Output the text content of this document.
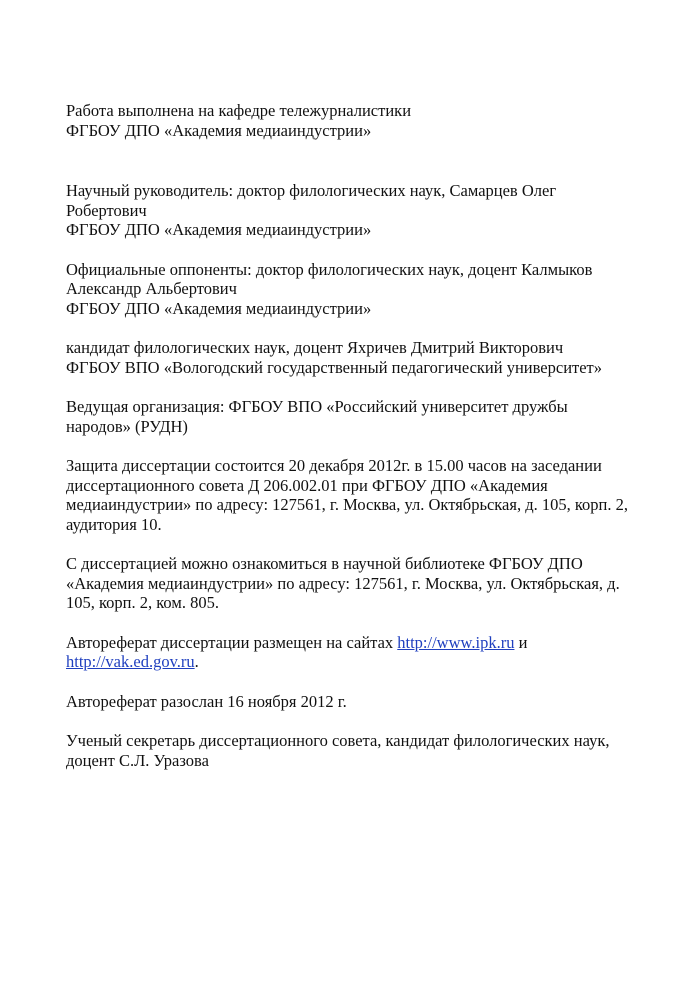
Работа выполнена на кафедре тележурналистики

ФГБОУ ДПО «Академия медиаиндустрии»

Научный руководитель: доктор филологических наук, Самарцев Олег

Робертович

ФГБОУ ДПО «Академия медиаиндустрии»

Официальные оппоненты: доктор филологических наук, доцент Калмыков

Александр Альбертович

ФГБОУ ДПО «Академия медиаиндустрии»

кандидат филологических наук, доцент Яхричев Дмитрий Викторович

ФГБОУ ВПО «Вологодский государственный педагогический университет»

Ведущая организация: ФГБОУ ВПО «Российский университет дружбы

народов» (РУДН)

Защита диссертации состоится 20 декабря 2012г. в 15.00 часов на заседании

диссертационного совета Д 206.002.01 при ФГБОУ ДПО «Академия

медиаиндустрии» по адресу: 127561, г. Москва, ул. Октябрьская, д. 105, корп. 2,

аудитория 10.

С диссертацией можно ознакомиться в научной библиотеке ФГБОУ ДПО

«Академия медиаиндустрии» по адресу: 127561, г. Москва, ул. Октябрьская, д.

105, корп. 2, ком. 805.

Автореферат диссертации размещен на сайтах http://www.ipk.ru и

http://vak.ed.gov.ru.

Автореферат разослан 16 ноября 2012 г.

Ученый секретарь диссертационного совета, кандидат филологических наук,

доцент С.Л. Уразова
